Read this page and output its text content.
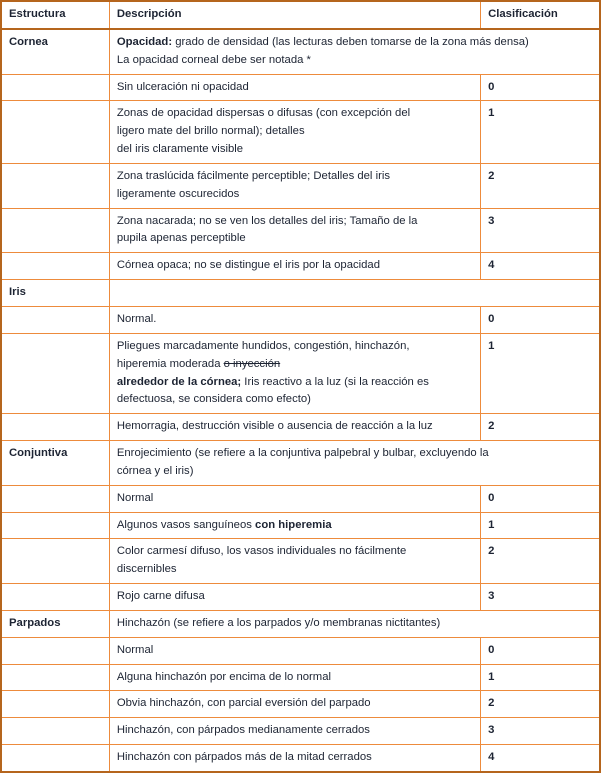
Estructura	Descripción	Clasificación
Cornea	Opacidad: grado de densidad (las lecturas deben tomarse de la zona más densa)
La opacidad corneal debe ser notada *	
	Sin ulceración ni opacidad	0
	Zonas de opacidad dispersas o difusas (con excepción del
ligero mate del brillo normal); detalles
del iris claramente visible	1
	Zona traslúcida fácilmente perceptible; Detalles del iris
ligeramente oscurecidos	2
	Zona nacarada; no se ven los detalles del iris; Tamaño de la
pupila apenas perceptible	3
	Córnea opaca; no se distingue el iris por la opacidad	4
Iris		
	Normal.	0
	Pliegues marcadamente hundidos, congestión, hinchazón,
hiperemia moderada o inyección
alrededor de la córnea; Iris reactivo a la luz (si la reacción es
defectuosa, se considera como efecto)	1
	Hemorragia, destrucción visible o ausencia de reacción a la luz	2
Conjuntiva	Enrojecimiento (se refiere a la conjuntiva palpebral y bulbar, excluyendo la
córnea y el iris)	
	Normal	0
	Algunos vasos sanguíneos con hiperemia	1
	Color carmesí difuso, los vasos individuales no fácilmente
discernibles	2
	Rojo carne difusa	3
Parpados	Hinchazón (se refiere a los parpados y/o membranas nictitantes)	
	Normal	0
	Alguna hinchazón por encima de lo normal	1
	Obvia hinchazón, con parcial eversión del parpado	2
	Hinchazón, con párpados medianamente cerrados	3
	Hinchazón con párpados más de la mitad cerrados	4
